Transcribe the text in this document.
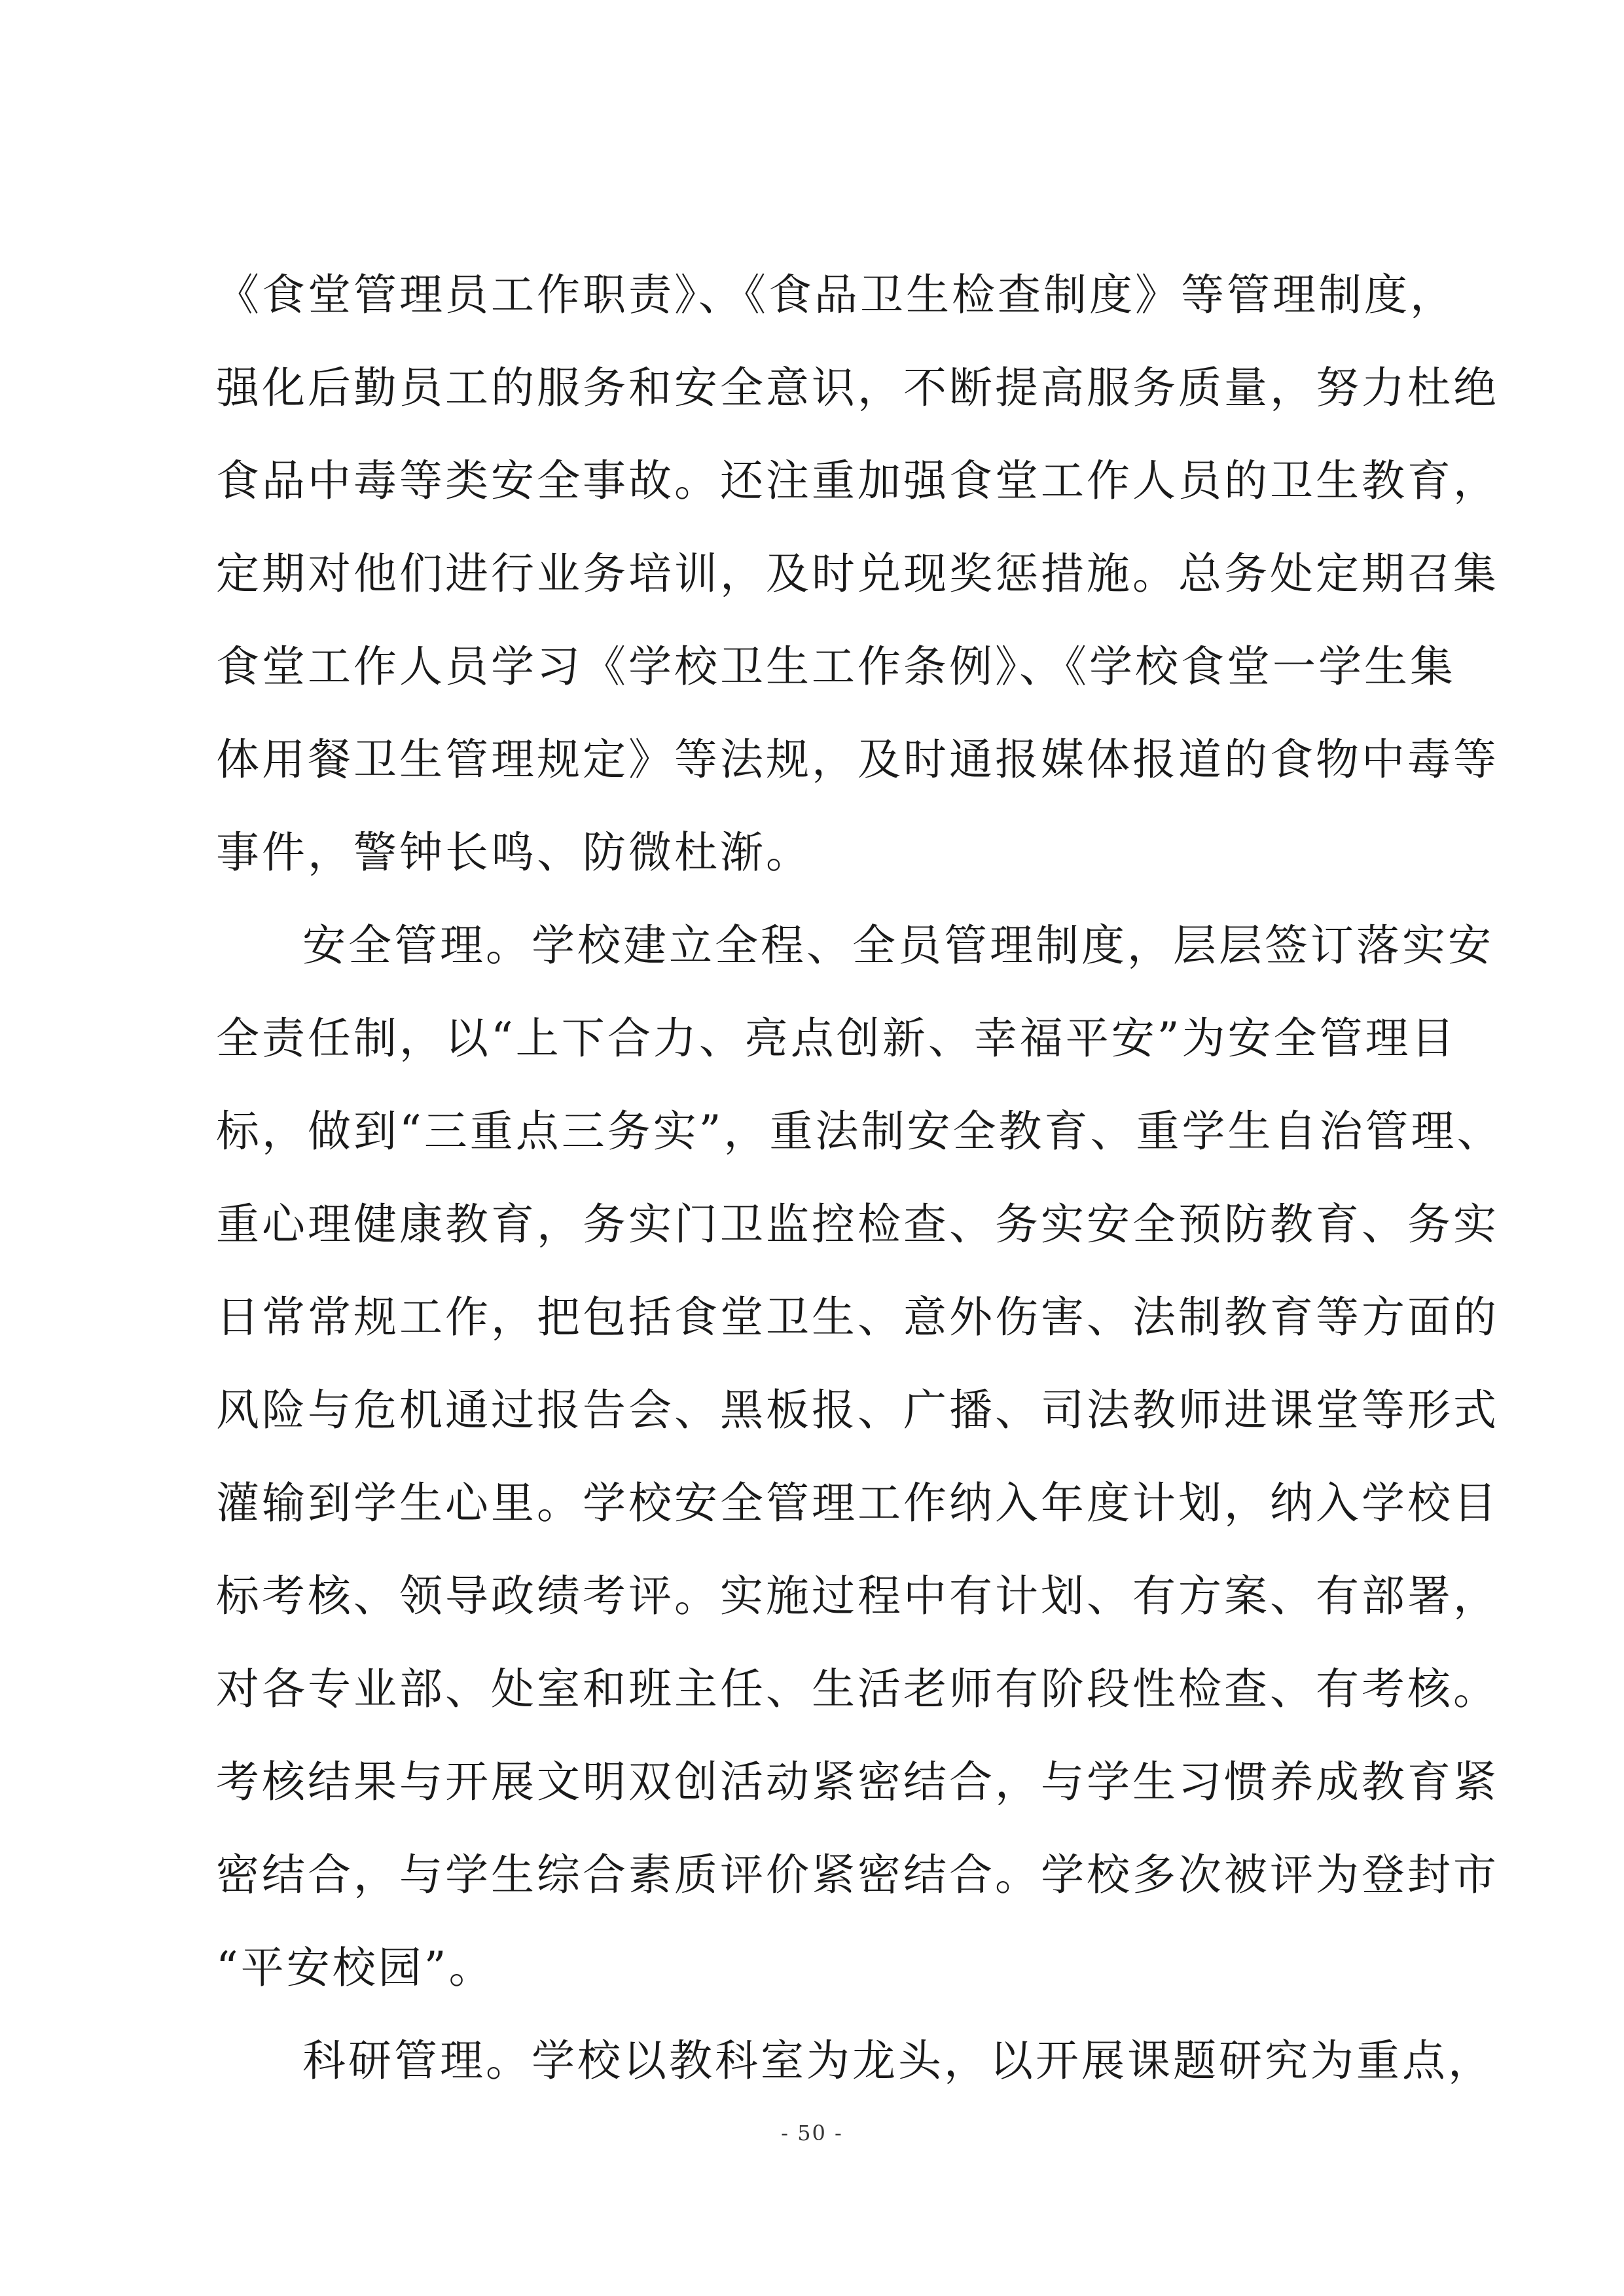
《食堂管理员工作职责》、《食品卫生检查制度》等管理制度，
强化后勤员工的服务和安全意识，不断提高服务质量，努力杜绝
食品中毒等类安全事故。还注重加强食堂工作人员的卫生教育，
定期对他们进行业务培训，及时兑现奖惩措施。总务处定期召集
食堂工作人员学习《学校卫生工作条例》、《学校食堂一学生集
体用餐卫生管理规定》等法规，及时通报媒体报道的食物中毒等
事件，警钟长鸣、防微杜渐。
安全管理。学校建立全程、全员管理制度，层层签订落实安
全责任制，以“上下合力、亮点创新、幸福平安”为安全管理目
标，做到“三重点三务实”，重法制安全教育、重学生自治管理、
重心理健康教育，务实门卫监控检查、务实安全预防教育、务实
日常常规工作，把包括食堂卫生、意外伤害、法制教育等方面的
风险与危机通过报告会、黑板报、广播、司法教师进课堂等形式
灌输到学生心里。学校安全管理工作纳入年度计划，纳入学校目
标考核、领导政绩考评。实施过程中有计划、有方案、有部署，
对各专业部、处室和班主任、生活老师有阶段性检查、有考核。
考核结果与开展文明双创活动紧密结合，与学生习惯养成教育紧
密结合，与学生综合素质评价紧密结合。学校多次被评为登封市
“平安校园”。
科研管理。学校以教科室为龙头，以开展课题研究为重点，
- 50 -
